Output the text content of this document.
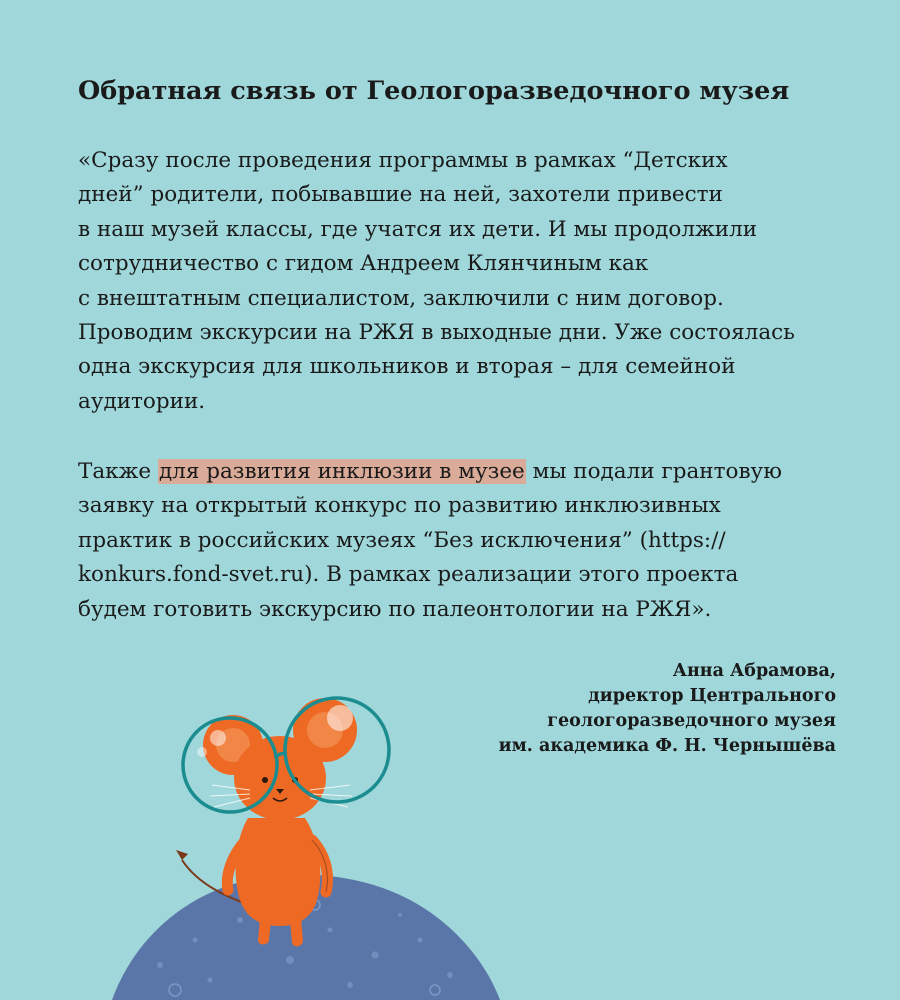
Обратная связь от Геологоразведочного музея

«Сразу после проведения программы в рамках “Детских
дней” родители, побывавшие на ней, захотели привести
в наш музей классы, где учатся их дети. И мы продолжили
сотрудничество с гидом Андреем Клянчиным как
с внештатным специалистом, заключили с ним договор.
Проводим экскурсии на РЖЯ в выходные дни. Уже состоялась
одна экскурсия для школьников и вторая – для семейной
аудитории.

Также для развития инклюзии в музее мы подали грантовую
заявку на открытый конкурс по развитию инклюзивных
практик в российских музеях “Без исключения” (https://
konkurs.fond-svet.ru). В рамках реализации этого проекта
будем готовить экскурсию по палеонтологии на РЖЯ».

Анна Абрамова,
директор Центрального
геологоразведочного музея
им. академика Ф. Н. Чернышёва
